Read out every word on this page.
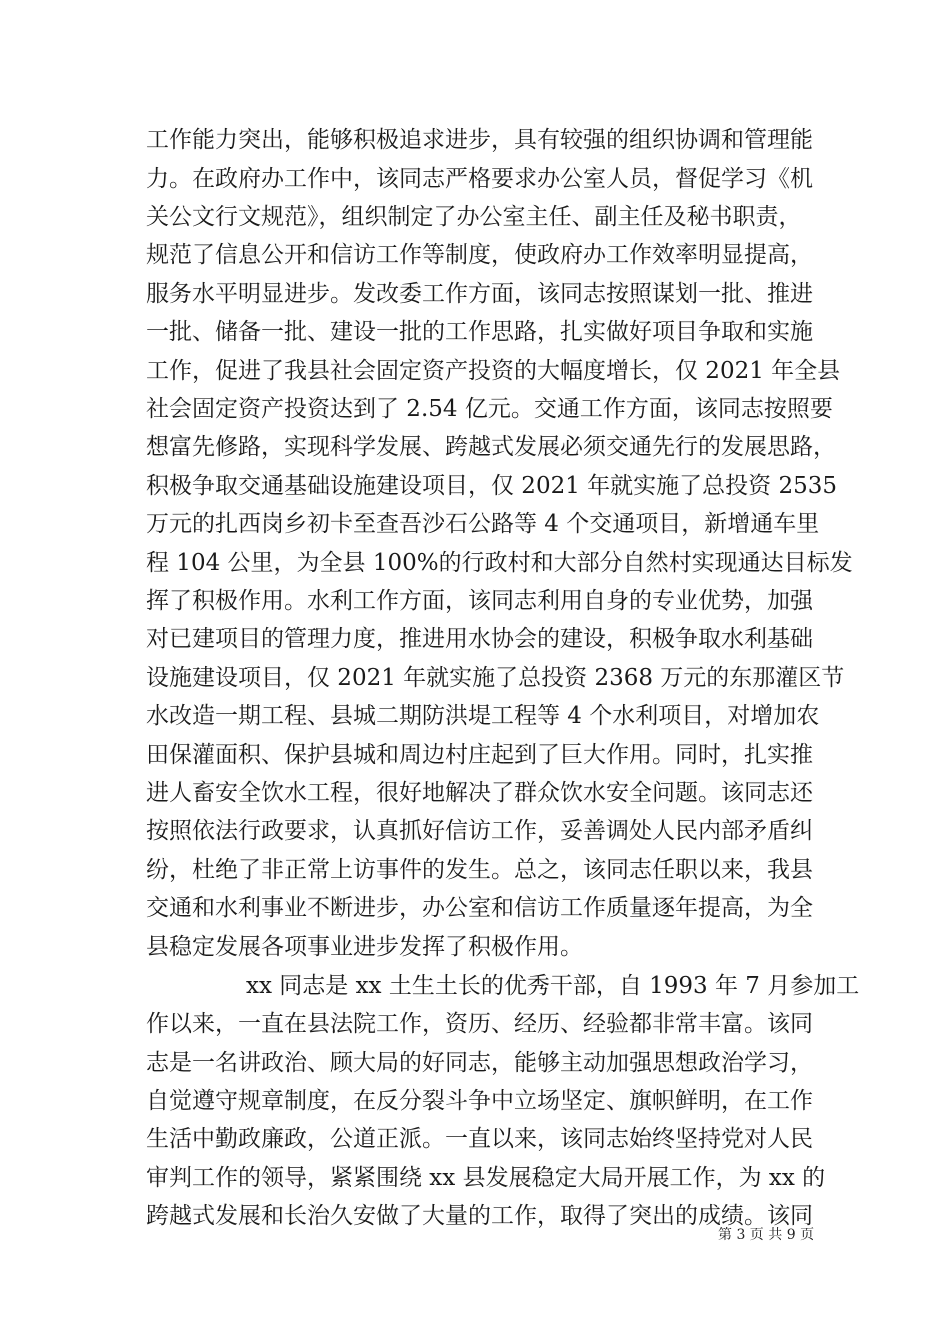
工作能力突出，能够积极追求进步，具有较强的组织协调和管理能
力。在政府办工作中，该同志严格要求办公室人员，督促学习《机
关公文行文规范》，组织制定了办公室主任、副主任及秘书职责，
规范了信息公开和信访工作等制度，使政府办工作效率明显提高，
服务水平明显进步。发改委工作方面，该同志按照谋划一批、推进
一批、储备一批、建设一批的工作思路，扎实做好项目争取和实施
工作，促进了我县社会固定资产投资的大幅度增长，仅 2021 年全县
社会固定资产投资达到了 2.54 亿元。交通工作方面，该同志按照要
想富先修路，实现科学发展、跨越式发展必须交通先行的发展思路，
积极争取交通基础设施建设项目，仅 2021 年就实施了总投资 2535
万元的扎西岗乡初卡至查吾沙石公路等 4 个交通项目，新增通车里
程 104 公里，为全县 100%的行政村和大部分自然村实现通达目标发
挥了积极作用。水利工作方面，该同志利用自身的专业优势，加强
对已建项目的管理力度，推进用水协会的建设，积极争取水利基础
设施建设项目，仅 2021 年就实施了总投资 2368 万元的东那灌区节
水改造一期工程、县城二期防洪堤工程等 4 个水利项目，对增加农
田保灌面积、保护县城和周边村庄起到了巨大作用。同时，扎实推
进人畜安全饮水工程，很好地解决了群众饮水安全问题。该同志还
按照依法行政要求，认真抓好信访工作，妥善调处人民内部矛盾纠
纷，杜绝了非正常上访事件的发生。总之，该同志任职以来，我县
交通和水利事业不断进步，办公室和信访工作质量逐年提高，为全
县稳定发展各项事业进步发挥了积极作用。
xx 同志是 xx 土生土长的优秀干部，自 1993 年 7 月参加工
作以来，一直在县法院工作，资历、经历、经验都非常丰富。该同
志是一名讲政治、顾大局的好同志，能够主动加强思想政治学习，
自觉遵守规章制度，在反分裂斗争中立场坚定、旗帜鲜明，在工作
生活中勤政廉政，公道正派。一直以来，该同志始终坚持党对人民
审判工作的领导，紧紧围绕 xx 县发展稳定大局开展工作，为 xx 的
跨越式发展和长治久安做了大量的工作，取得了突出的成绩。该同
第 3 页 共 9 页
